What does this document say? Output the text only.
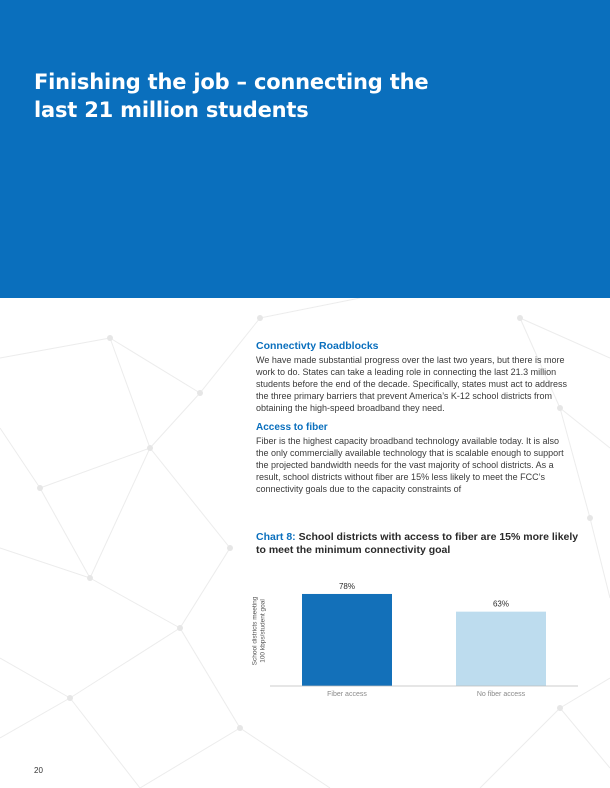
Finishing the job – connecting the last 21 million students
Connectivty Roadblocks

We have made substantial progress over the last two years, but there is more work to do. States can take a leading role in connecting the last 21.3 million students before the end of the decade. Specifically, states must act to address the three primary barriers that prevent America’s K-12 school districts from obtaining the high-speed broadband they need.

Access to fiber

Fiber is the highest capacity broadband technology available today. It is also the only commercially available technology that is scalable enough to support the projected bandwidth needs for the vast majority of school districts. As a result, school districts without fiber are 15% less likely to meet the FCC’s connectivity goals due to the capacity constraints of

Chart 8: School districts with access to fiber are 15% more likely to meet the minimum connectivity goal
School districts meeting100 kbps/student goal
78%
Fiber access
63%
No fiber access
20
